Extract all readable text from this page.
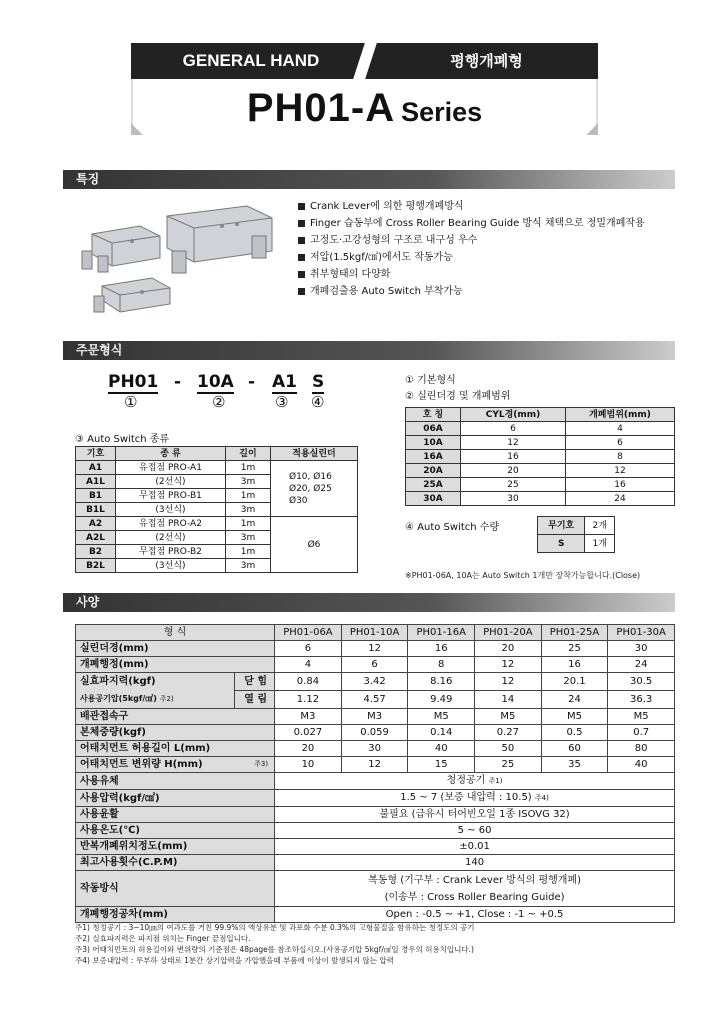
GENERAL HAND	평행개폐형
PH01-A Series
특징
Crank Lever에 의한 평행개폐방식
Finger 습동부에 Cross Roller Bearing Guide 방식 채택으로 정밀개폐작용
고정도·고강성형의 구조로 내구성 우수
저압(1.5kgf/㎠)에서도 작동가능
취부형태의 다양화
개폐검출용 Auto Switch 부착가능
주문형식
PH01 - 10A - A1 S
①	②	③ ④
③ Auto Switch 종류
기호	종 류	길이	적용실린더
A1	유접점 PRO-A1	1m	Ø10, Ø16
Ø20, Ø25
Ø30

A1L	(2선식)	3m	
B1	무접점 PRO-B1	1m	
B1L	(3선식)	3m	
A2	유접점 PRO-A2	1m	Ø6
A2L	(2선식)	3m	
B2	무접점 PRO-B2	1m	
B2L	(3선식)	3m	
① 기본형식
② 실린더경 및 개폐범위
호 칭	CYL경(mm)	개폐범위(mm)
06A	6	4
10A	12	6
16A	16	8
20A	20	12
25A	25	16
30A	30	24
④ Auto Switch 수량	무기호	2개
S	1개
※PH01-06A, 10A는 Auto Switch 1개만 장착가능합니다.(Close)
사양
형 식		PH01-06A	PH01-10A	PH01-16A	PH01-20A	PH01-25A	PH01-30A
실린더경(mm)		6	12	16	20	25	30
개폐행정(mm)		4	6	8	12	16	24

실효파지력(kgf)
사용공기압(5kgf/㎠) 주2)	닫 힘	0.84	3.42	8.16	12	20.1	30.5
	열 림	1.12	4.57	9.49	14	24	36.3
배관접속구		M3	M3	M5	M5	M5	M5
본체중량(kgf)		0.027	0.059	0.14	0.27	0.5	0.7
어태치먼트 허용길이 L(mm)		20	30	40	50	60	80
어태치먼트 변위량 H(mm) 주3)		10	12	15	25	35	40
사용유체		청정공기 주1)					
사용압력(kgf/㎠)		1.5 ~ 7 (보증 내압력 : 10.5) 주4)					
사용윤활		불필요 (급유시 터어빈오일 1종 ISOVG 32)					
사용온도(℃)		5 ~ 60					
반복개폐위치정도(mm)		±0.01					
최고사용횟수(C.P.M)		140					
작동방식		복동형 (기구부 : Crank Lever 방식의 평행개폐)
(이송부 : Cross Roller Bearing Guide)					

개폐행정공차(mm)		Open : -0.5 ~ +1, Close : -1 ~ +0.5					
주1) 청정공기 : 3~10㎛의 여과도를 거친 99.9%의 액상유분 및 과포화 수분 0.3%의 고형물질을 함유하는 청정도의 공기
주2) 실효파지력은 파지점 위치는 Finger 끝점입니다.
주3) 어태치먼트의 허용길이와 변위량의 기준점은 48page를 참조하십시오.(사용공기압 5kgf/㎠일 경우의 허용치입니다.)
주4) 보증내압력 : 무부하 상태로 1분간 상기압력을 가압했을때 부품에 이상이 발생되지 않는 압력
